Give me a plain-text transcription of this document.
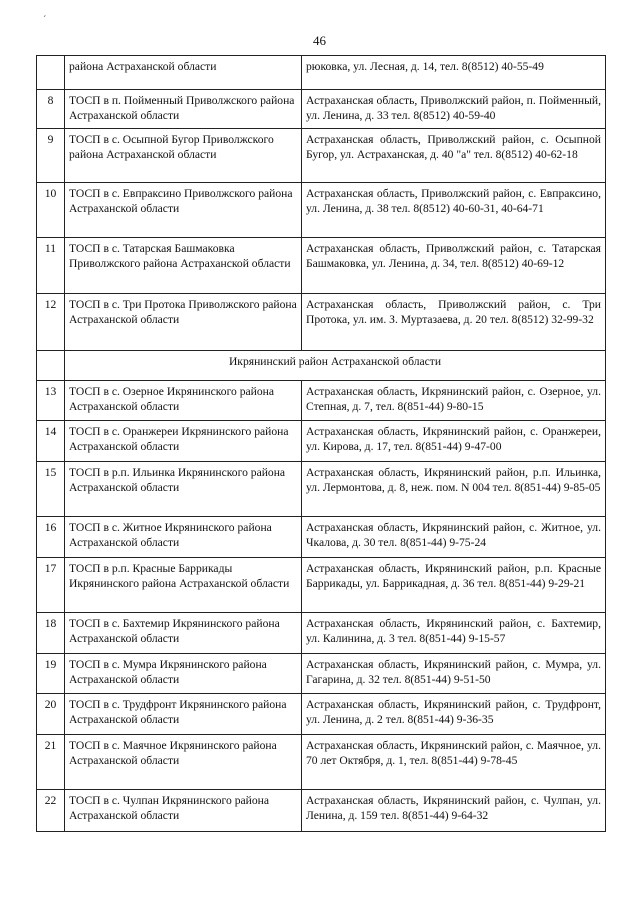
´
46
	района Астраханской области	рюковка, ул. Лесная, д. 14, тел. 8(8512) 40-55-49
8	ТОСП в п. Пойменный Приволжского района Астраханской области	Астраханская область, Приволжский район, п. Пойменный, ул. Ленина, д. 33 тел. 8(8512) 40-59-40
9	ТОСП в с. Осыпной Бугор Приволжского района Астраханской области	Астраханская область, Приволжский район, с. Осыпной Бугор, ул. Астраханская, д. 40 "а" тел. 8(8512) 40-62-18
10	ТОСП в с. Евпраксино Приволжского района Астраханской области	Астраханская область, Приволжский район, с. Евпраксино, ул. Ленина, д. 38 тел. 8(8512) 40-60-31, 40-64-71
11	ТОСП в с. Татарская Башмаковка Приволжского района Астраханской области	Астраханская область, Приволжский район, с. Татарская Башмаковка, ул. Ленина, д. 34, тел. 8(8512) 40-69-12
12	ТОСП в с. Три Протока Приволжского района Астраханской области	Астраханская область, Приволжский район, с. Три Протока, ул. им. З. Муртазаева, д. 20 тел. 8(8512) 32-99-32
	Икрянинский район Астраханской области	
13	ТОСП в с. Озерное Икрянинского района Астраханской области	Астраханская область, Икрянинский район, с. Озерное, ул. Степная, д. 7, тел. 8(851-44) 9-80-15
14	ТОСП в с. Оранжереи Икрянинского района Астраханской области	Астраханская область, Икрянинский район, с. Оранжереи, ул. Кирова, д. 17, тел. 8(851-44) 9-47-00
15	ТОСП в р.п. Ильинка Икрянинского района Астраханской области	Астраханская область, Икрянинский район, р.п. Ильинка, ул. Лермонтова, д. 8, неж. пом. N 004 тел. 8(851-44) 9-85-05
16	ТОСП в с. Житное Икрянинского района Астраханской области	Астраханская область, Икрянинский район, с. Житное, ул. Чкалова, д. 30 тел. 8(851-44) 9-75-24
17	ТОСП в р.п. Красные Баррикады Икрянинского района Астраханской области	Астраханская область, Икрянинский район, р.п. Красные Баррикады, ул. Баррикадная, д. 36 тел. 8(851-44) 9-29-21
18	ТОСП в с. Бахтемир Икрянинского района Астраханской области	Астраханская область, Икрянинский район, с. Бахтемир, ул. Калинина, д. 3 тел. 8(851-44) 9-15-57
19	ТОСП в с. Мумра Икрянинского района Астраханской области	Астраханская область, Икрянинский район, с. Мумра, ул. Гагарина, д. 32 тел. 8(851-44) 9-51-50
20	ТОСП в с. Трудфронт Икрянинского района Астраханской области	Астраханская область, Икрянинский район, с. Трудфронт, ул. Ленина, д. 2 тел. 8(851-44) 9-36-35
21	ТОСП в с. Маячное Икрянинского района Астраханской области	Астраханская область, Икрянинский район, с. Маячное, ул. 70 лет Октября, д. 1, тел. 8(851-44) 9-78-45
22	ТОСП в с. Чулпан Икрянинского района Астраханской области	Астраханская область, Икрянинский район, с. Чулпан, ул. Ленина, д. 159 тел. 8(851-44) 9-64-32
